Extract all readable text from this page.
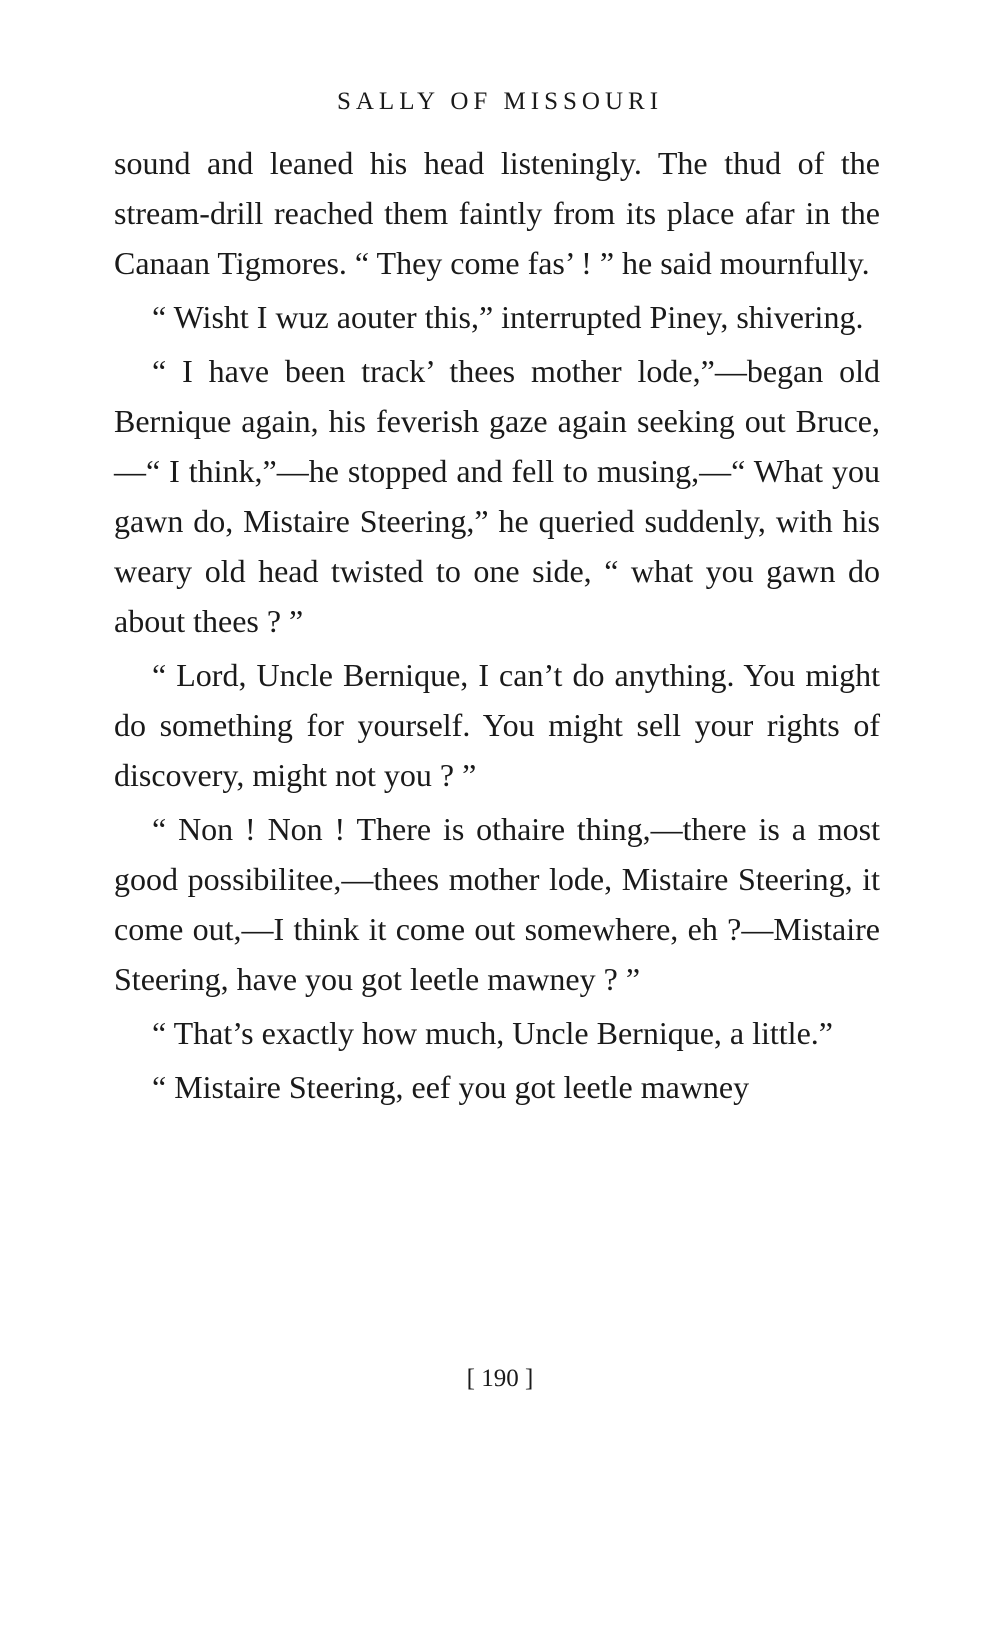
SALLY OF MISSOURI

sound and leaned his head listeningly. The thud of the stream-drill reached them faintly from its place afar in the Canaan Tigmores. “ They come fas’ ! ” he said mournfully.

“ Wisht I wuz aouter this,” interrupted Piney, shivering.

“ I have been track’ thees mother lode,”—began old Bernique again, his feverish gaze again seeking out Bruce,—“ I think,”—he stopped and fell to musing,—“ What you gawn do, Mistaire Steering,” he queried suddenly, with his weary old head twisted to one side, “ what you gawn do about thees ? ”

“ Lord, Uncle Bernique, I can’t do anything. You might do something for yourself. You might sell your rights of discovery, might not you ? ”

“ Non ! Non ! There is othaire thing,—there is a most good possibilitee,—thees mother lode, Mistaire Steering, it come out,—I think it come out somewhere, eh ?—Mistaire Steering, have you got leetle mawney ? ”

“ That’s exactly how much, Uncle Bernique, a little.”

“ Mistaire Steering, eef you got leetle mawney

[ 190 ]
